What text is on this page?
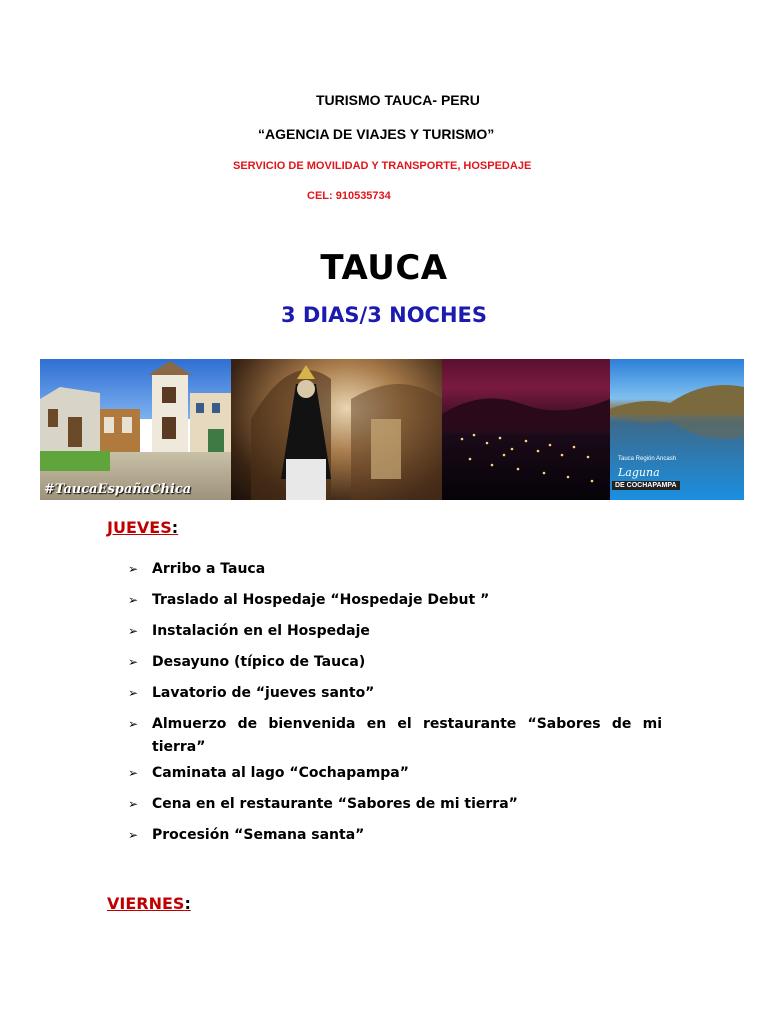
TURISMO TAUCA- PERU
“AGENCIA DE VIAJES Y TURISMO”
SERVICIO DE MOVILIDAD Y TRANSPORTE, HOSPEDAJE
CEL: 910535734
TAUCA
3 DIAS/3 NOCHES
#TaucaEspañaChica
Tauca Región Ancash
Laguna
DE COCHAPAMPA
JUEVES:
➢ Arribo a Tauca
➢ Traslado al Hospedaje “Hospedaje Debut ”
➢ Instalación en el Hospedaje
➢ Desayuno (típico de Tauca)
➢ Lavatorio de “jueves santo”
➢ Almuerzo de bienvenida en el restaurante “Sabores de mi tierra”
➢ Caminata al lago “Cochapampa”
➢ Cena en el restaurante “Sabores de mi tierra”
➢ Procesión “Semana santa”
VIERNES:
